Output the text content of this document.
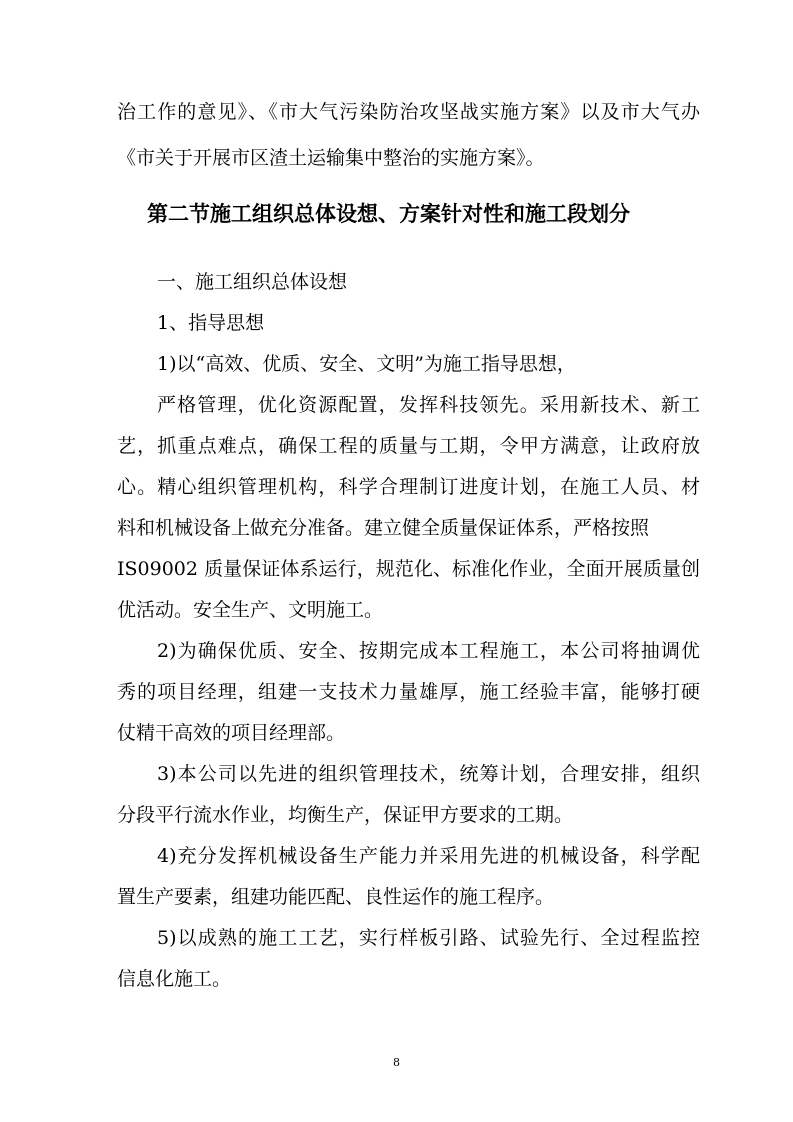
治工作的意见》、《市大气污染防治攻坚战实施方案》以及市大气办
《市关于开展市区渣土运输集中整治的实施方案》。
第二节施工组织总体设想、方案针对性和施工段划分
一、施工组织总体设想
1、指导思想
1)以“高效、优质、安全、文明”为施工指导思想，
严格管理，优化资源配置，发挥科技领先。采用新技术、新工
艺，抓重点难点，确保工程的质量与工期，令甲方满意，让政府放
心。精心组织管理机构，科学合理制订进度计划，在施工人员、材
料和机械设备上做充分准备。建立健全质量保证体系，严格按照
IS09002 质量保证体系运行，规范化、标准化作业，全面开展质量创
优活动。安全生产、文明施工。
2)为确保优质、安全、按期完成本工程施工，本公司将抽调优
秀的项目经理，组建一支技术力量雄厚，施工经验丰富，能够打硬
仗精干高效的项目经理部。
3)本公司以先进的组织管理技术，统筹计划，合理安排，组织
分段平行流水作业，均衡生产，保证甲方要求的工期。
4)充分发挥机械设备生产能力并采用先进的机械设备，科学配
置生产要素，组建功能匹配、良性运作的施工程序。
5)以成熟的施工工艺，实行样板引路、试验先行、全过程监控
信息化施工。
8
